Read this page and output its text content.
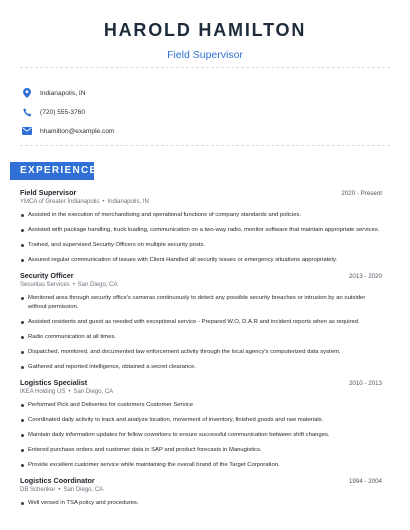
HAROLD HAMILTON
Field Supervisor
Indianapolis, IN
(720) 555-3760
hhamilton@example.com
EXPERIENCE
Field Supervisor	2020 - Present
YMCA of Greater Indianapolis • Indianapolis, IN
Assisted in the execution of merchandising and operational functions of company standards and policies.
Assisted with package handling, truck loading, communication on a two-way radio, monitor software that maintain appropriate services.
Trained, and supervised Security Officers on multiple security posts.
Assured regular communication of issues with Client Handled all security issues or emergency situations appropriately.
Security Officer	2013 - 2020
Securitas Services • San Diego, CA
Monitored area through security office's cameras continuously to detect any possible security breaches or intrusion by an outsider without permission.
Assisted residents and guest as needed with exceptional service - Prepared W.O, D.A.R and incident reports when as required.
Radio communication at all times.
Dispatched, monitored, and documented law enforcement activity through the local agency's computerized data system.
Gathered and reported intelligence, obtained a secret clearance.
Logistics Specialist	2010 - 2013
IKEA Holding US • San Diego, CA
Performed Pick and Deliveries for customers Customer Service
Coordinated daily activity to track and analyze location, movement of inventory, finished goods and raw materials.
Maintain daily information updates for fellow coworkers to ensure successful communication between shift changes.
Entered purchase orders and customer data in SAP and product forecasts in Manugistics.
Provide excellent customer service while maintaining the overall brand of the Target Corporation.
Logistics Coordinator	1994 - 2004
DB Schenker • San Diego, CA
Well versed in TSA policy and procedures.
